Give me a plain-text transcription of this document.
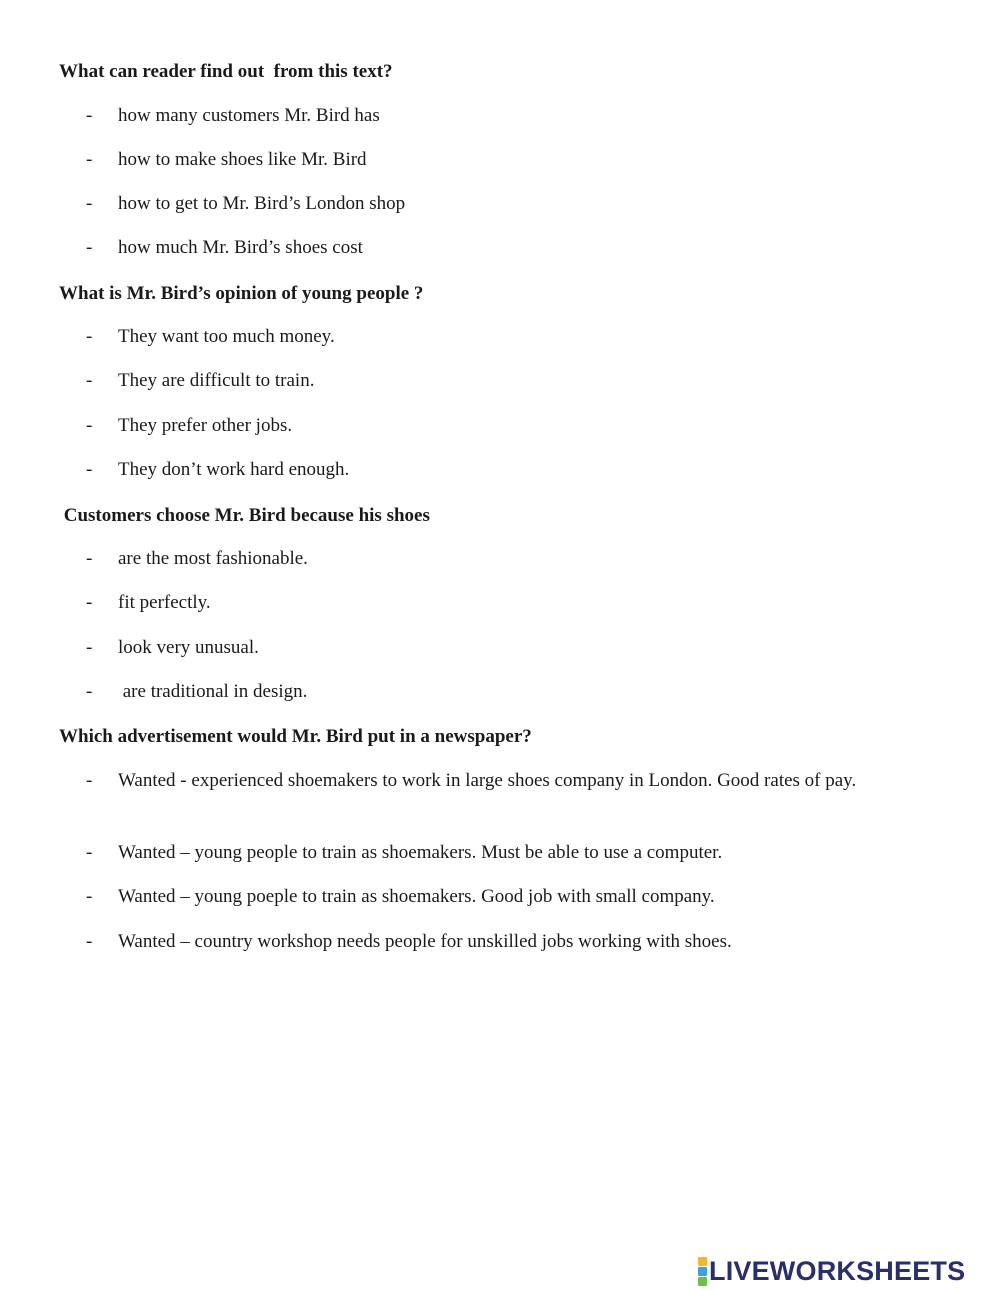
What can reader find out  from this text?

-	how many customers Mr. Bird has
-	how to make shoes like Mr. Bird
-	how to get to Mr. Bird’s London shop
-	how much Mr. Bird’s shoes cost

What is Mr. Bird’s opinion of young people ?

-	They want too much money.
-	They are difficult to train.
-	They prefer other jobs.
-	They don’t work hard enough.

Customers choose Mr. Bird because his shoes

-	are the most fashionable.
-	fit perfectly.
-	look very unusual.
-	are traditional in design.

Which advertisement would Mr. Bird put in a newspaper?

-	Wanted - experienced shoemakers to work in large shoes company in London. Good rates of pay.
-	Wanted – young people to train as shoemakers. Must be able to use a computer.
-	Wanted – young poeple to train as shoemakers. Good job with small company.
-	Wanted – country workshop needs people for unskilled jobs working with shoes.
LIVEWORKSHEETS
